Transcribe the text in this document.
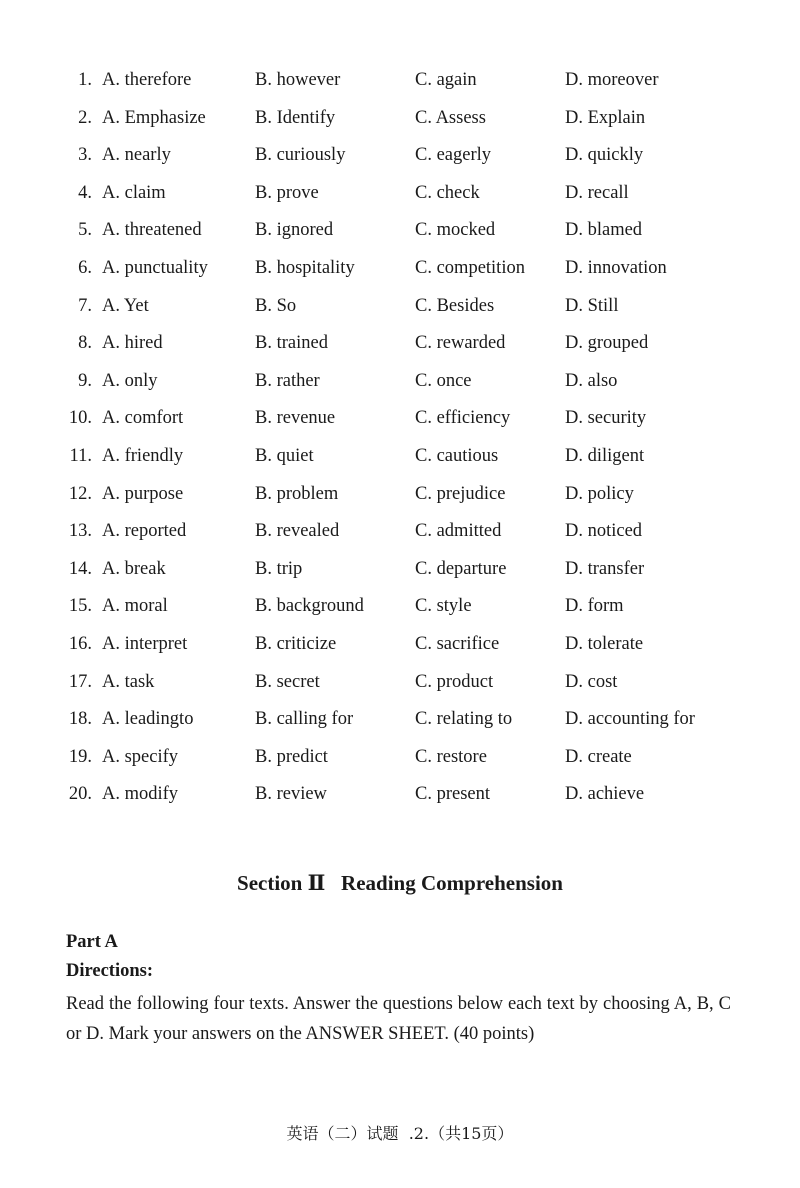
1. A. therefore	B. however	C. again	D. moreover
2. A. Emphasize	B. Identify	C. Assess	D. Explain
3. A. nearly	B. curiously	C. eagerly	D. quickly
4. A. claim	B. prove	C. check	D. recall
5. A. threatened	B. ignored	C. mocked	D. blamed
6. A. punctuality	B. hospitality	C. competition D. innovation
7. A. Yet	B. So	C. Besides	D. Still
8. A. hired	B. trained	C. rewarded	D. grouped
9. A. only	B. rather	C. once	D. also
10. A. comfort	B. revenue	C. efficiency	D. security
11. A. friendly	B. quiet	C. cautious	D. diligent
12. A. purpose	B. problem	C. prejudice	D. policy
13. A. reported	B. revealed	C. admitted	D. noticed
14. A. break	B. trip	C. departure	D. transfer
15. A. moral	B. background	C. style	D. form
16. A. interpret	B. criticize	C. sacrifice	D. tolerate
17. A. task	B. secret	C. product	D. cost
18. A. leadingto	B. calling for	C. relating to	D. accounting for
19. A. specify	B. predict	C. restore	D. create
20. A. modify	B. review	C. present	D. achieve
Section Ⅱ   Reading Comprehension
Part A
Directions:
Read the following four texts. Answer the questions below each text by choosing A, B, C or D. Mark your answers on the ANSWER SHEET. (40 points)
英语（二）试题  .2.（共15页）
